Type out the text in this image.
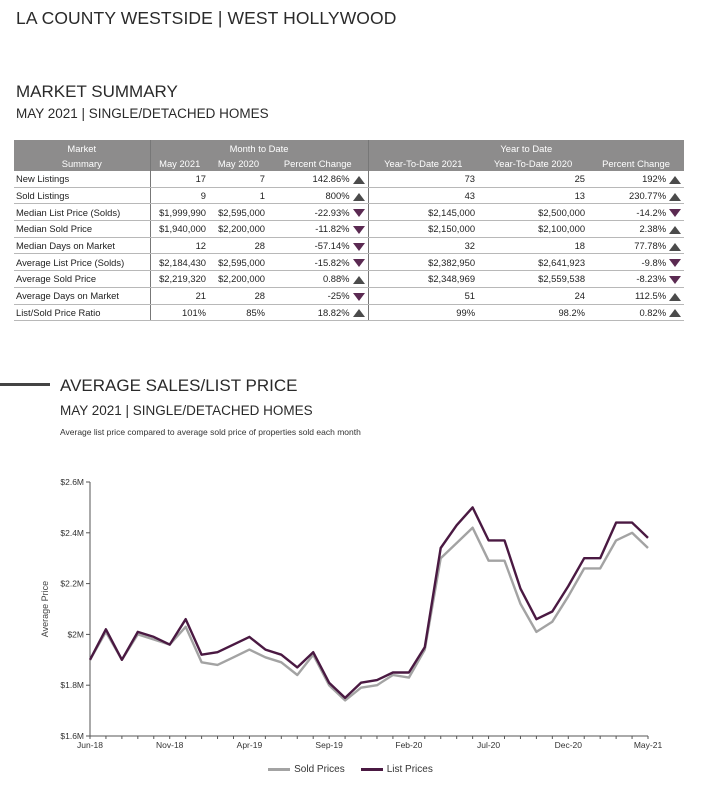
LA COUNTY WESTSIDE | WEST HOLLYWOOD
MARKET SUMMARY
MAY 2021 | SINGLE/DETACHED HOMES
Market	Month to Date			Year to Date		
Summary	May 2021	May 2020	Percent Change	Year-To-Date 2021	Year-To-Date 2020	Percent Change
New Listings	17	7	142.86%	73	25	192%
Sold Listings	9	1	800%	43	13	230.77%
Median List Price (Solds)	$1,999,990	$2,595,000	-22.93%	$2,145,000	$2,500,000	-14.2%
Median Sold Price	$1,940,000	$2,200,000	-11.82%	$2,150,000	$2,100,000	2.38%
Median Days on Market	12	28	-57.14%	32	18	77.78%
Average List Price (Solds)	$2,184,430	$2,595,000	-15.82%	$2,382,950	$2,641,923	-9.8%
Average Sold Price	$2,219,320	$2,200,000	0.88%	$2,348,969	$2,559,538	-8.23%
Average Days on Market	21	28	-25%	51	24	112.5%
List/Sold Price Ratio	101%	85%	18.82%	99%	98.2%	0.82%
AVERAGE SALES/LIST PRICE
MAY 2021 | SINGLE/DETACHED HOMES
Average list price compared to average sold price of properties sold each month
$1.6M
$1.8M
$2M
$2.2M
$2.4M
$2.6M
Jun-18	Nov-18	Apr-19	Sep-19	Feb-20	Jul-20	Dec-20	May-21
Average Price
Sold Prices	List Prices
